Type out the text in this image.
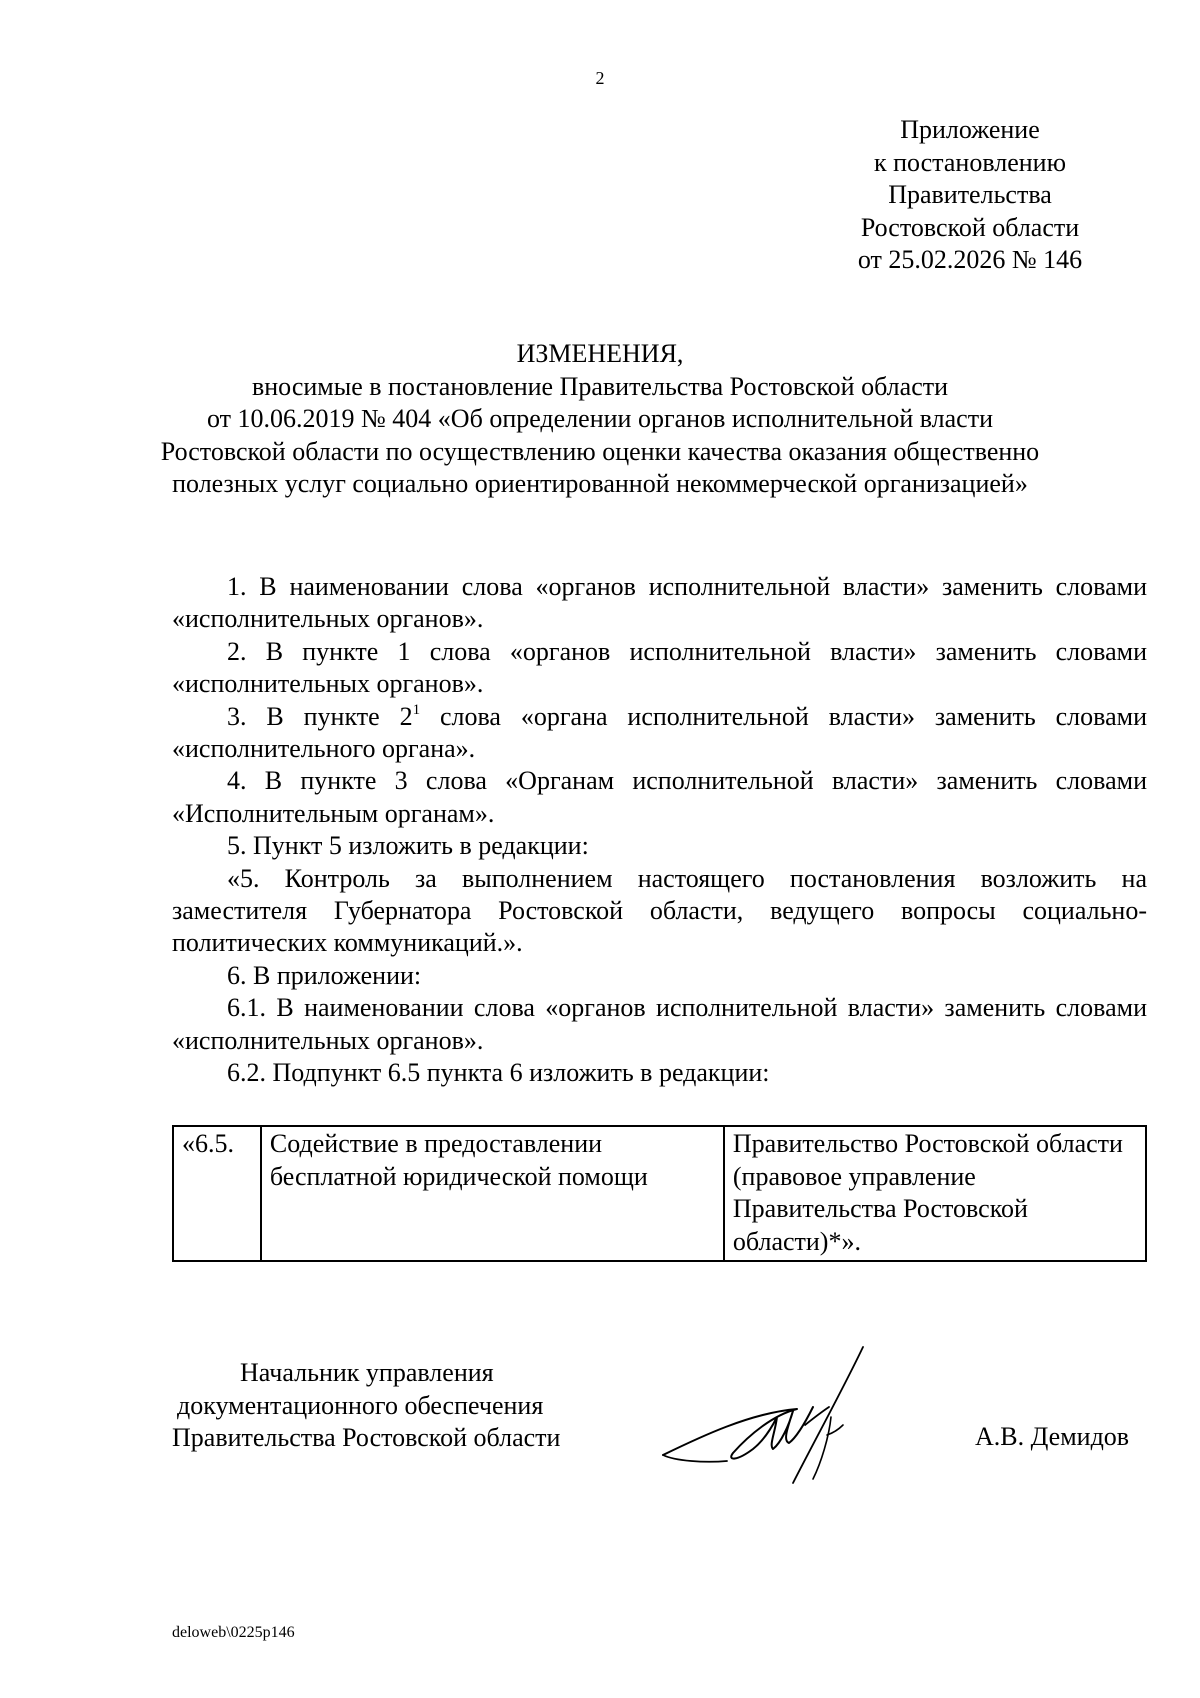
2
Приложение
к постановлению
Правительства
Ростовской области
от 25.02.2026 № 146
ИЗМЕНЕНИЯ,
вносимые в постановление Правительства Ростовской области
от 10.06.2019 № 404 «Об определении органов исполнительной власти
Ростовской области по осуществлению оценки качества оказания общественно
полезных услуг социально ориентированной некоммерческой организацией»

1. В наименовании слова «органов исполнительной власти» заменить словами «исполнительных органов».

2. В пункте 1 слова «органов исполнительной власти» заменить словами «исполнительных органов».

3. В пункте $2^1$ слова «органа исполнительной власти» заменить словами «исполнительного органа».

4. В пункте 3 слова «Органам исполнительной власти» заменить словами «Исполнительным органам».

5. Пункт 5 изложить в редакции:

«5. Контроль за выполнением настоящего постановления возложить на заместителя Губернатора Ростовской области, ведущего вопросы социально-политических коммуникаций.».

6. В приложении:

6.1. В наименовании слова «органов исполнительной власти» заменить словами «исполнительных органов».

6.2. Подпункт 6.5 пункта 6 изложить в редакции:

«6.5.	Содействие в предоставлении бесплатной юридической помощи	Правительство Ростовской области (правовое управление Правительства Ростовской области)*».
Начальник управления
документационного обеспечения
Правительства Ростовской области	А.В. Демидов
deloweb\0225p146
